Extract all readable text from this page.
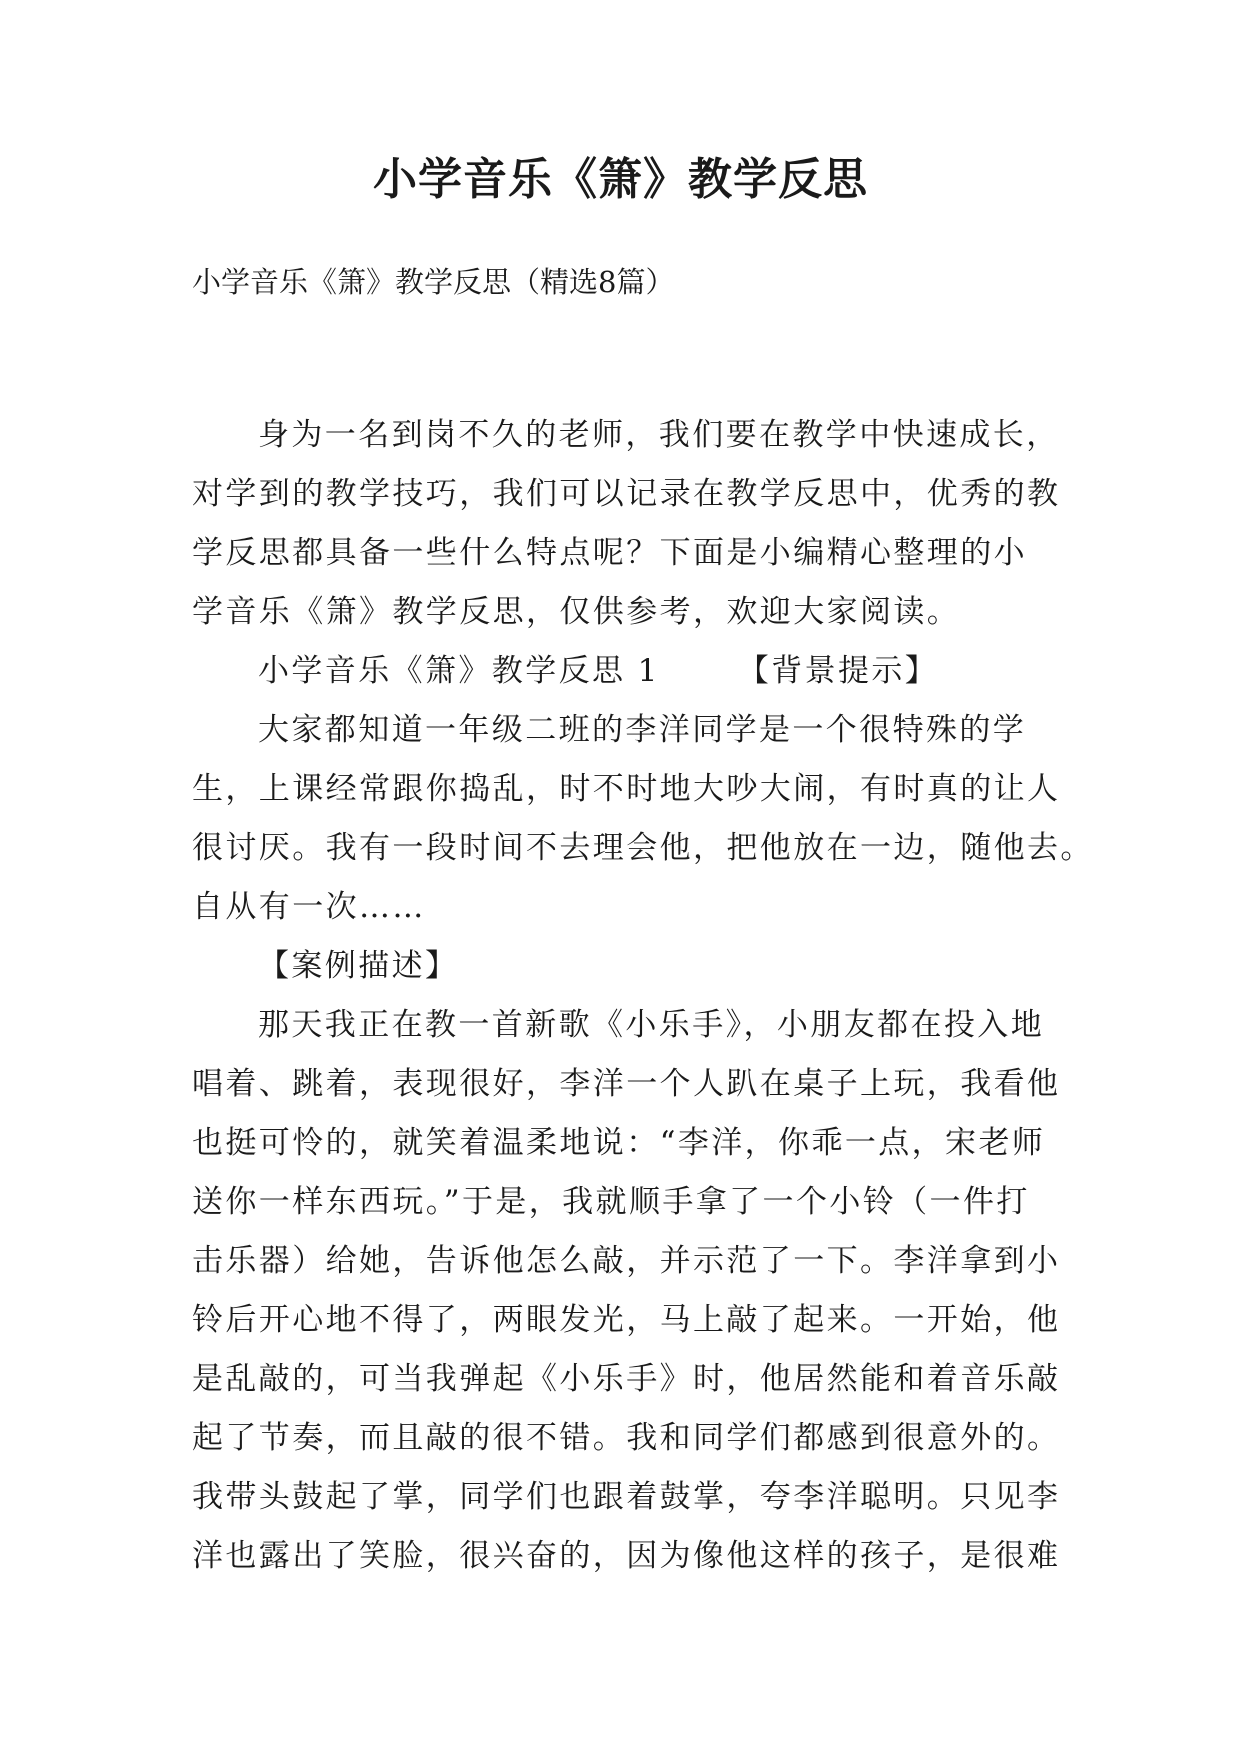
小学音乐《箫》教学反思

小学音乐《箫》教学反思（精选8篇）

身为一名到岗不久的老师，我们要在教学中快速成长，
对学到的教学技巧，我们可以记录在教学反思中，优秀的教
学反思都具备一些什么特点呢？下面是小编精心整理的小
学音乐《箫》教学反思，仅供参考，欢迎大家阅读。
小学音乐《箫》教学反思 1	【背景提示】
大家都知道一年级二班的李洋同学是一个很特殊的学
生，上课经常跟你捣乱，时不时地大吵大闹，有时真的让人
很讨厌。我有一段时间不去理会他，把他放在一边，随他去。
自从有一次……
【案例描述】
那天我正在教一首新歌《小乐手》，小朋友都在投入地
唱着、跳着，表现很好，李洋一个人趴在桌子上玩，我看他
也挺可怜的，就笑着温柔地说：“李洋，你乖一点，宋老师
送你一样东西玩。”于是，我就顺手拿了一个小铃（一件打
击乐器）给她，告诉他怎么敲，并示范了一下。李洋拿到小
铃后开心地不得了，两眼发光，马上敲了起来。一开始，他
是乱敲的，可当我弹起《小乐手》时，他居然能和着音乐敲
起了节奏，而且敲的很不错。我和同学们都感到很意外的。
我带头鼓起了掌，同学们也跟着鼓掌，夸李洋聪明。只见李
洋也露出了笑脸，很兴奋的，因为像他这样的孩子，是很难
